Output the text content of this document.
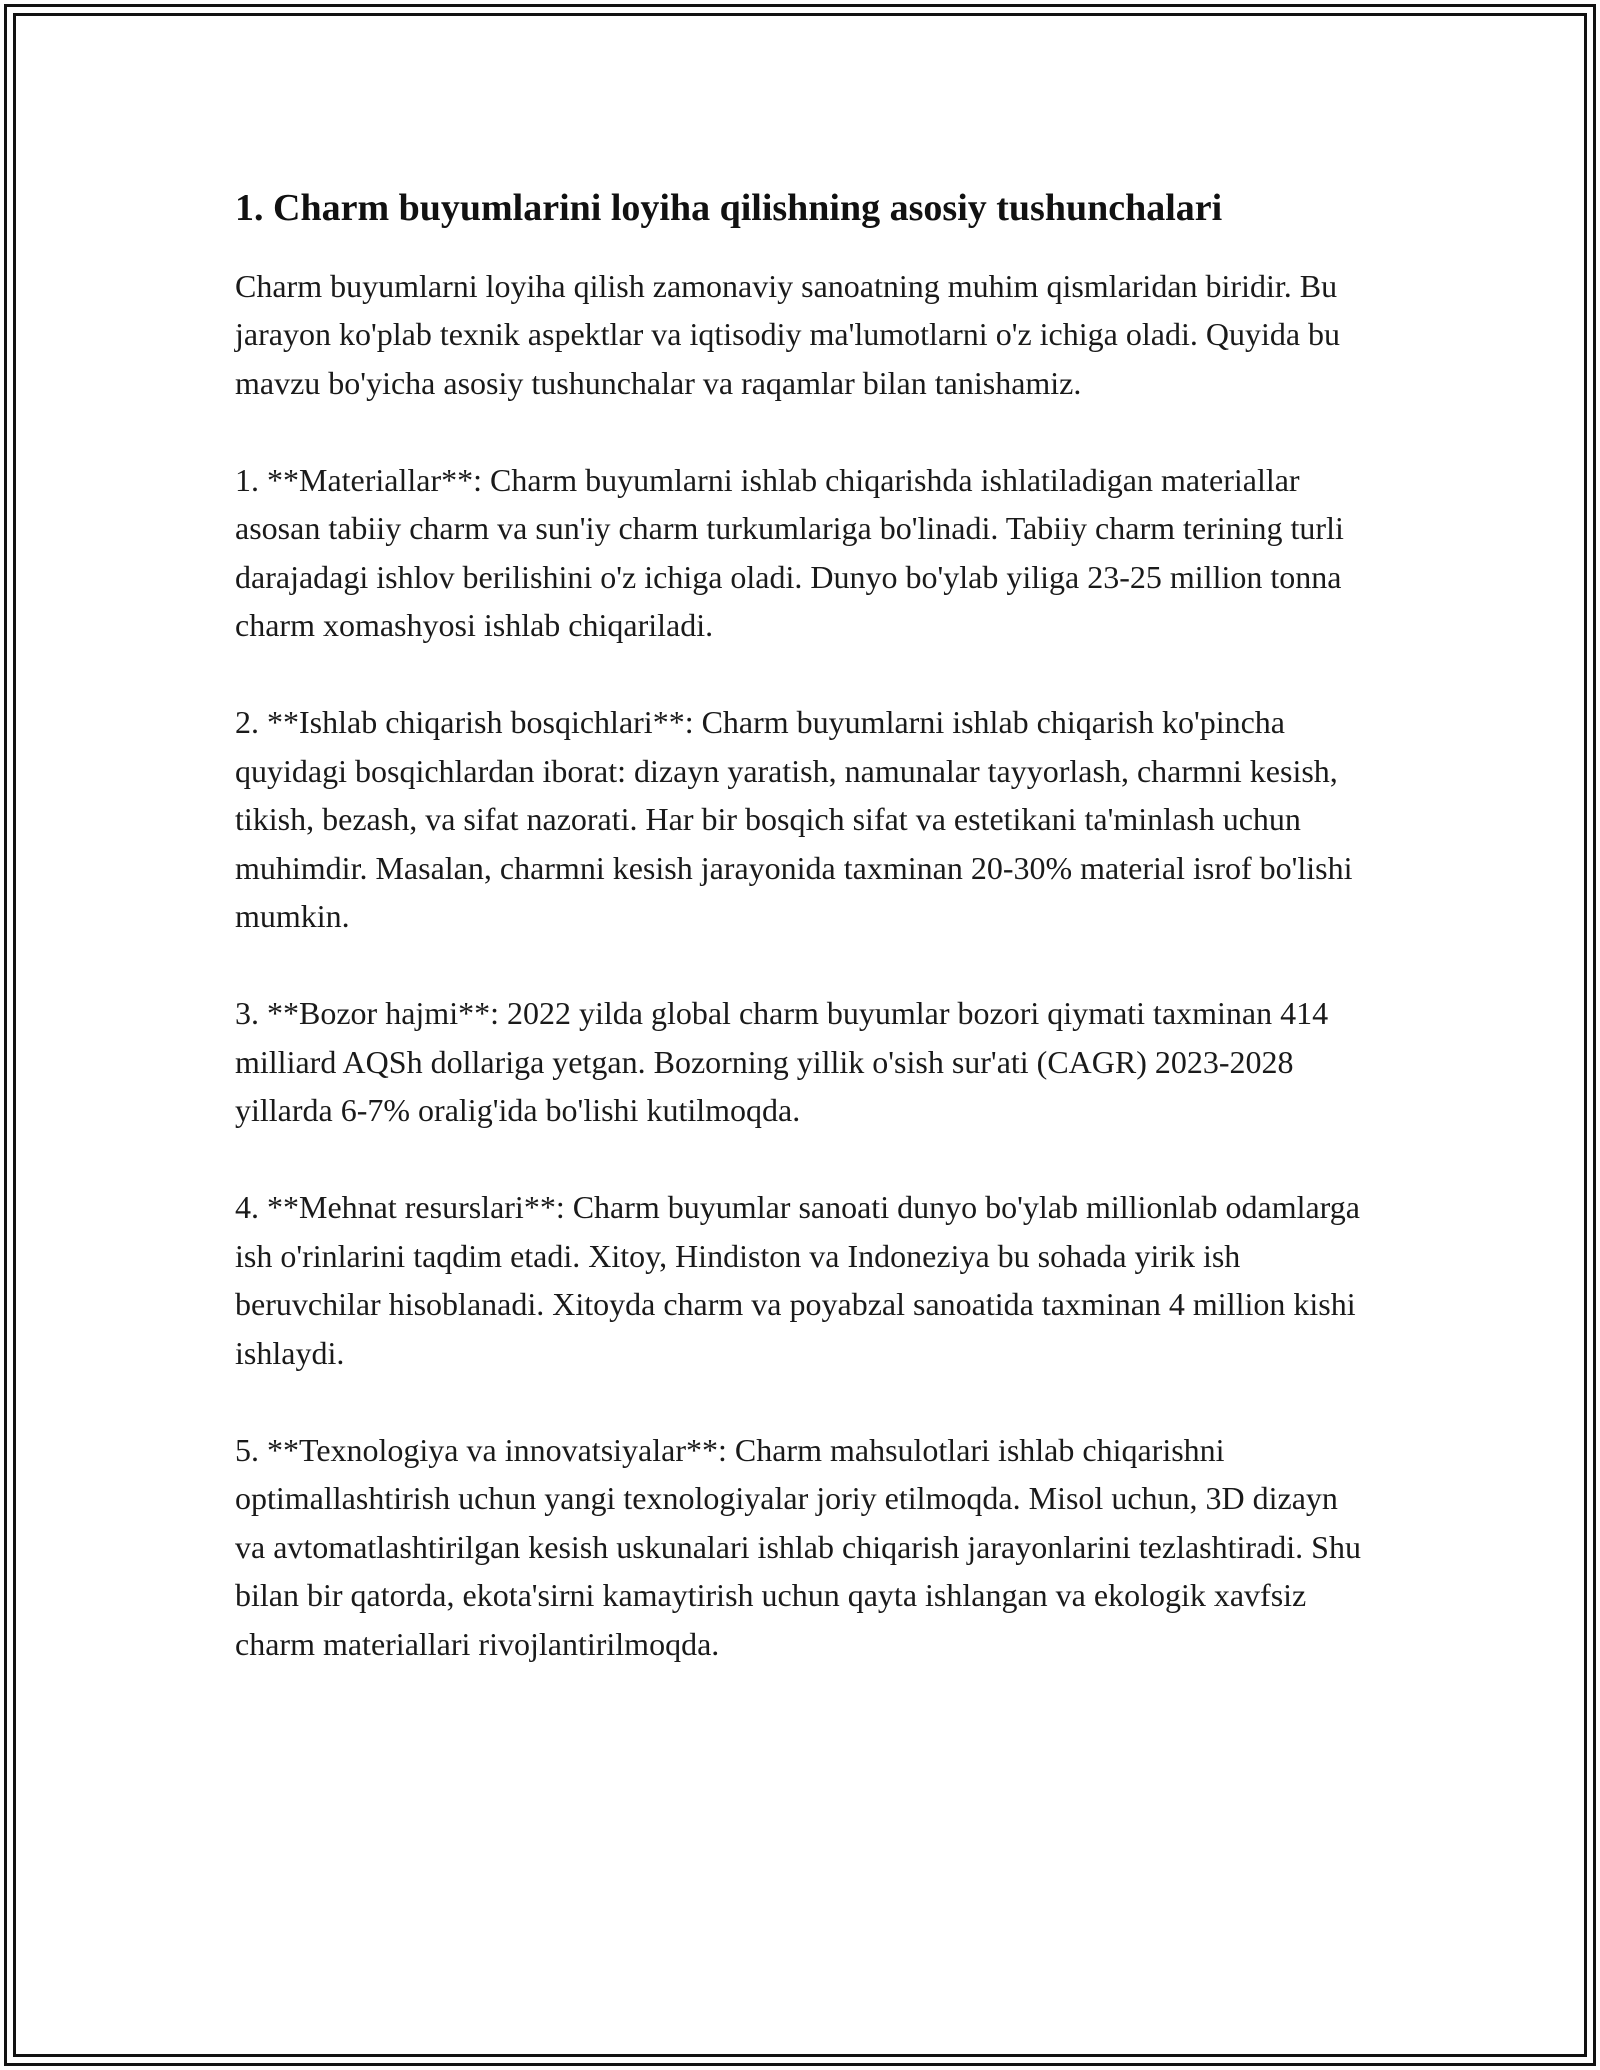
1. Charm buyumlarini loyiha qilishning asosiy tushunchalari

Charm buyumlarni loyiha qilish zamonaviy sanoatning muhim qismlaridan biridir. Bu jarayon ko'plab texnik aspektlar va iqtisodiy ma'lumotlarni o'z ichiga oladi. Quyida bu mavzu bo'yicha asosiy tushunchalar va raqamlar bilan tanishamiz.

1. **Materiallar**: Charm buyumlarni ishlab chiqarishda ishlatiladigan materiallar asosan tabiiy charm va sun'iy charm turkumlariga bo'linadi. Tabiiy charm terining turli darajadagi ishlov berilishini o'z ichiga oladi. Dunyo bo'ylab yiliga 23-25 million tonna charm xomashyosi ishlab chiqariladi.

2. **Ishlab chiqarish bosqichlari**: Charm buyumlarni ishlab chiqarish ko'pincha quyidagi bosqichlardan iborat: dizayn yaratish, namunalar tayyorlash, charmni kesish, tikish, bezash, va sifat nazorati. Har bir bosqich sifat va estetikani ta'minlash uchun muhimdir. Masalan, charmni kesish jarayonida taxminan 20-30% material isrof bo'lishi mumkin.

3. **Bozor hajmi**: 2022 yilda global charm buyumlar bozori qiymati taxminan 414 milliard AQSh dollariga yetgan. Bozorning yillik o'sish sur'ati (CAGR) 2023-2028 yillarda 6-7% oralig'ida bo'lishi kutilmoqda.

4. **Mehnat resurslari**: Charm buyumlar sanoati dunyo bo'ylab millionlab odamlarga ish o'rinlarini taqdim etadi. Xitoy, Hindiston va Indoneziya bu sohada yirik ish beruvchilar hisoblanadi. Xitoyda charm va poyabzal sanoatida taxminan 4 million kishi ishlaydi.

5. **Texnologiya va innovatsiyalar**: Charm mahsulotlari ishlab chiqarishni optimallashtirish uchun yangi texnologiyalar joriy etilmoqda. Misol uchun, 3D dizayn va avtomatlashtirilgan kesish uskunalari ishlab chiqarish jarayonlarini tezlashtiradi. Shu bilan bir qatorda, ekota'sirni kamaytirish uchun qayta ishlangan va ekologik xavfsiz charm materiallari rivojlantirilmoqda.
